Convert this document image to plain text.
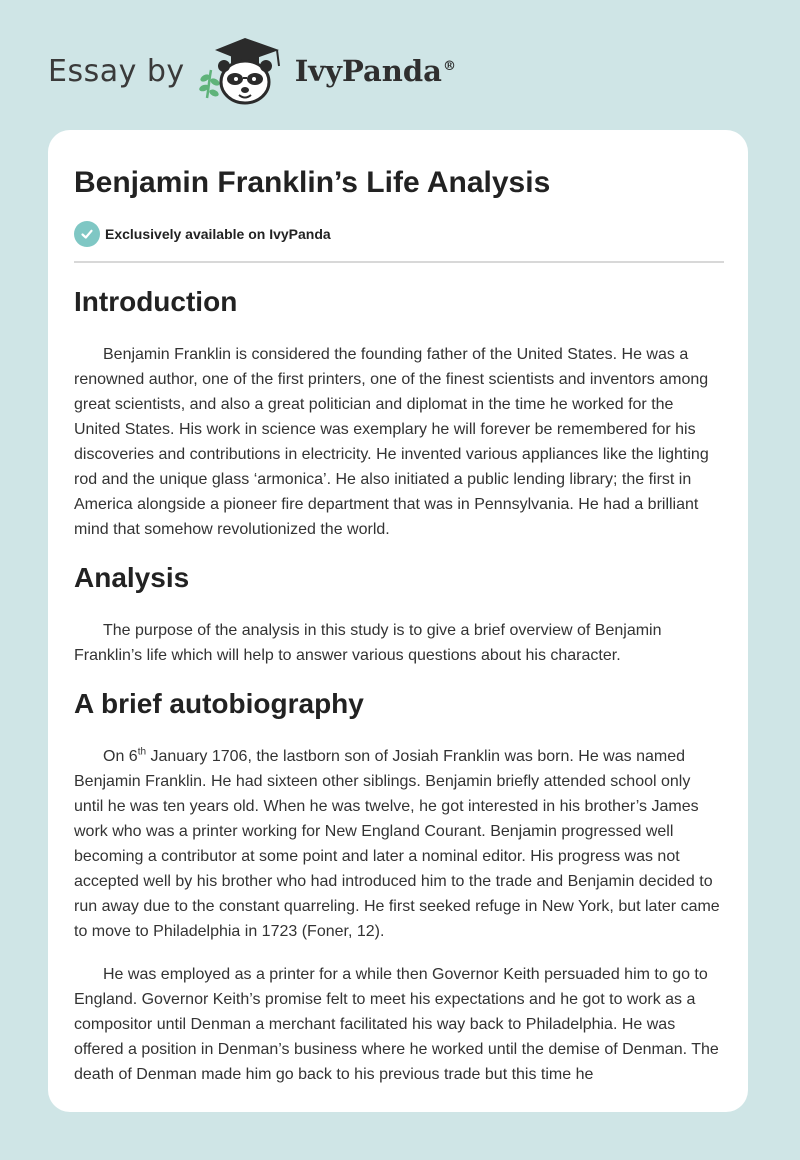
Essay by	IvyPanda®
Benjamin Franklin’s Life Analysis
Exclusively available on IvyPanda
Introduction

Benjamin Franklin is considered the founding father of the United States. He was a renowned author, one of the first printers, one of the finest scientists and inventors among great scientists, and also a great politician and diplomat in the time he worked for the United States. His work in science was exemplary he will forever be remembered for his discoveries and contributions in electricity. He invented various appliances like the lighting rod and the unique glass ‘armonica’. He also initiated a public lending library; the first in America alongside a pioneer fire department that was in Pennsylvania. He had a brilliant mind that somehow revolutionized the world.

Analysis

The purpose of the analysis in this study is to give a brief overview of Benjamin Franklin’s life which will help to answer various questions about his character.

A brief autobiography

On 6th January 1706, the lastborn son of Josiah Franklin was born. He was named Benjamin Franklin. He had sixteen other siblings. Benjamin briefly attended school only until he was ten years old. When he was twelve, he got interested in his brother’s James work who was a printer working for New England Courant. Benjamin progressed well becoming a contributor at some point and later a nominal editor. His progress was not accepted well by his brother who had introduced him to the trade and Benjamin decided to run away due to the constant quarreling. He first seeked refuge in New York, but later came to move to Philadelphia in 1723 (Foner, 12).

He was employed as a printer for a while then Governor Keith persuaded him to go to England. Governor Keith’s promise felt to meet his expectations and he got to work as a compositor until Denman a merchant facilitated his way back to Philadelphia. He was offered a position in Denman’s business where he worked until the demise of Denman. The death of Denman made him go back to his previous trade but this time he
